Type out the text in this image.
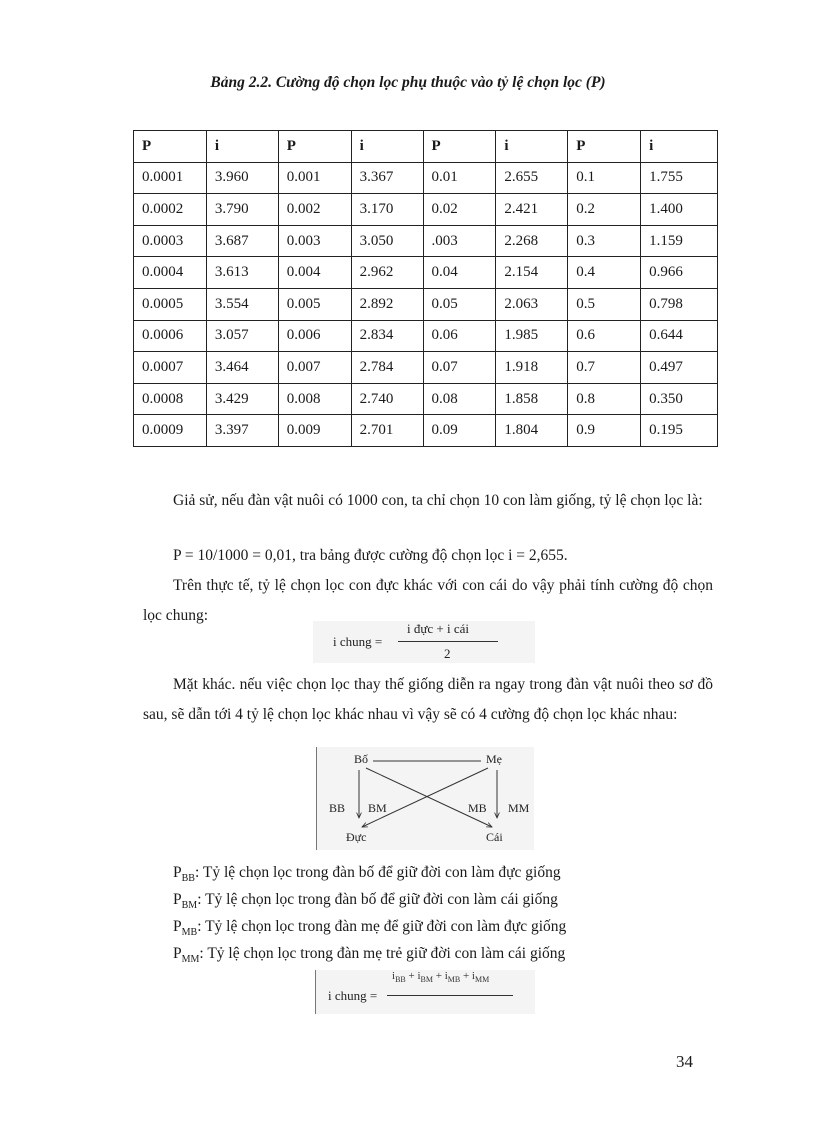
Bảng 2.2. Cường độ chọn lọc phụ thuộc vào tỷ lệ chọn lọc (P)
P	i	P	i	P	i	P	i
0.0001	3.960	0.001	3.367	0.01	2.655	0.1	1.755
0.0002	3.790	0.002	3.170	0.02	2.421	0.2	1.400
0.0003	3.687	0.003	3.050	.003	2.268	0.3	1.159
0.0004	3.613	0.004	2.962	0.04	2.154	0.4	0.966
0.0005	3.554	0.005	2.892	0.05	2.063	0.5	0.798
0.0006	3.057	0.006	2.834	0.06	1.985	0.6	0.644
0.0007	3.464	0.007	2.784	0.07	1.918	0.7	0.497
0.0008	3.429	0.008	2.740	0.08	1.858	0.8	0.350
0.0009	3.397	0.009	2.701	0.09	1.804	0.9	0.195

Giả sử, nếu đàn vật nuôi có 1000 con, ta chỉ chọn 10 con làm giống, tỷ lệ chọn lọc là:

P = 10/1000 = 0,01, tra bảng được cường độ chọn lọc i = 2,655.

Trên thực tế, tỷ lệ chọn lọc con đực khác với con cái do vậy phải tính cường độ chọn lọc chung:

i chung =
i đực + i cái
2

Mặt khác. nếu việc chọn lọc thay thế giống diễn ra ngay trong đàn vật nuôi theo sơ đồ sau, sẽ dẫn tới 4 tỷ lệ chọn lọc khác nhau vì vậy sẽ có 4 cường độ chọn lọc khác nhau:

Bố	Mẹ
BB BM	MB MM
Đực	Cái
$P_{BB}$: Tỷ lệ chọn lọc trong đàn bố để giữ đời con làm đực giống
$P_{BM}$: Tỷ lệ chọn lọc trong đàn bố để giữ đời con làm cái giống
$P_{MB}$: Tỷ lệ chọn lọc trong đàn mẹ để giữ đời con làm đực giống
$P_{MM}$: Tỷ lệ chọn lọc trong đàn mẹ trẻ giữ đời con làm cái giống
i chung =
$i_{BB} + i_{BM} + i_{MB} + i_{MM}$
34
